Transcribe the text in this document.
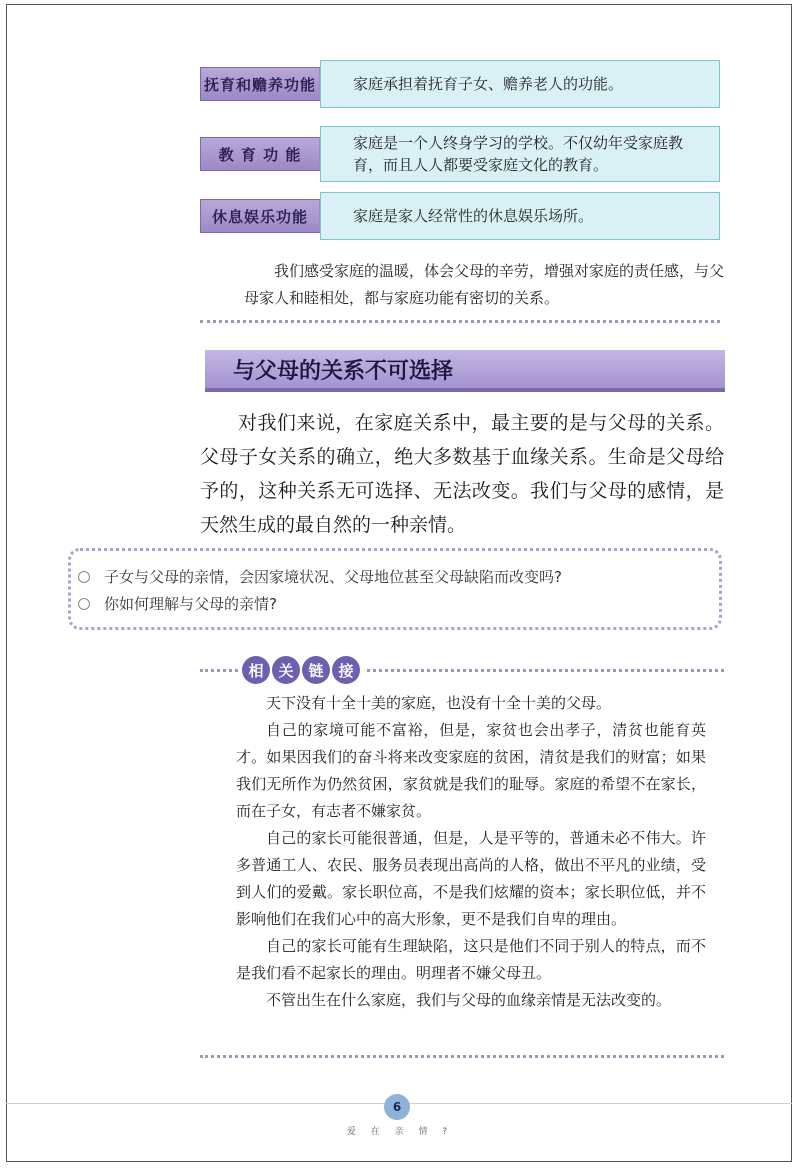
抚育和赡养功能	家庭承担着抚育子女、赡养老人的功能。
教 育 功 能
家庭是一个人终身学习的学校。不仅幼年受家庭教育，而且人人都要受家庭文化的教育。
休息娱乐功能	家庭是家人经常性的休息娱乐场所。

我们感受家庭的温暖，体会父母的辛劳，增强对家庭的责任感，与父母家人和睦相处，都与家庭功能有密切的关系。

与父母的关系不可选择

对我们来说，在家庭关系中，最主要的是与父母的关系。父母子女关系的确立，绝大多数基于血缘关系。生命是父母给予的，这种关系无可选择、无法改变。我们与父母的感情，是天然生成的最自然的一种亲情。

子女与父母的亲情，会因家境状况、父母地位甚至父母缺陷而改变吗?
你如何理解与父母的亲情?
相 关 链 接

天下没有十全十美的家庭，也没有十全十美的父母。

自己的家境可能不富裕，但是，家贫也会出孝子，清贫也能育英才。如果因我们的奋斗将来改变家庭的贫困，清贫是我们的财富；如果我们无所作为仍然贫困，家贫就是我们的耻辱。家庭的希望不在家长，而在子女，有志者不嫌家贫。

自己的家长可能很普通，但是，人是平等的，普通未必不伟大。许多普通工人、农民、服务员表现出高尚的人格，做出不平凡的业绩，受到人们的爱戴。家长职位高，不是我们炫耀的资本；家长职位低，并不影响他们在我们心中的高大形象，更不是我们自卑的理由。

自己的家长可能有生理缺陷，这只是他们不同于别人的特点，而不是我们看不起家长的理由。明理者不嫌父母丑。

不管出生在什么家庭，我们与父母的血缘亲情是无法改变的。

6
爱 在 亲 情 ?
